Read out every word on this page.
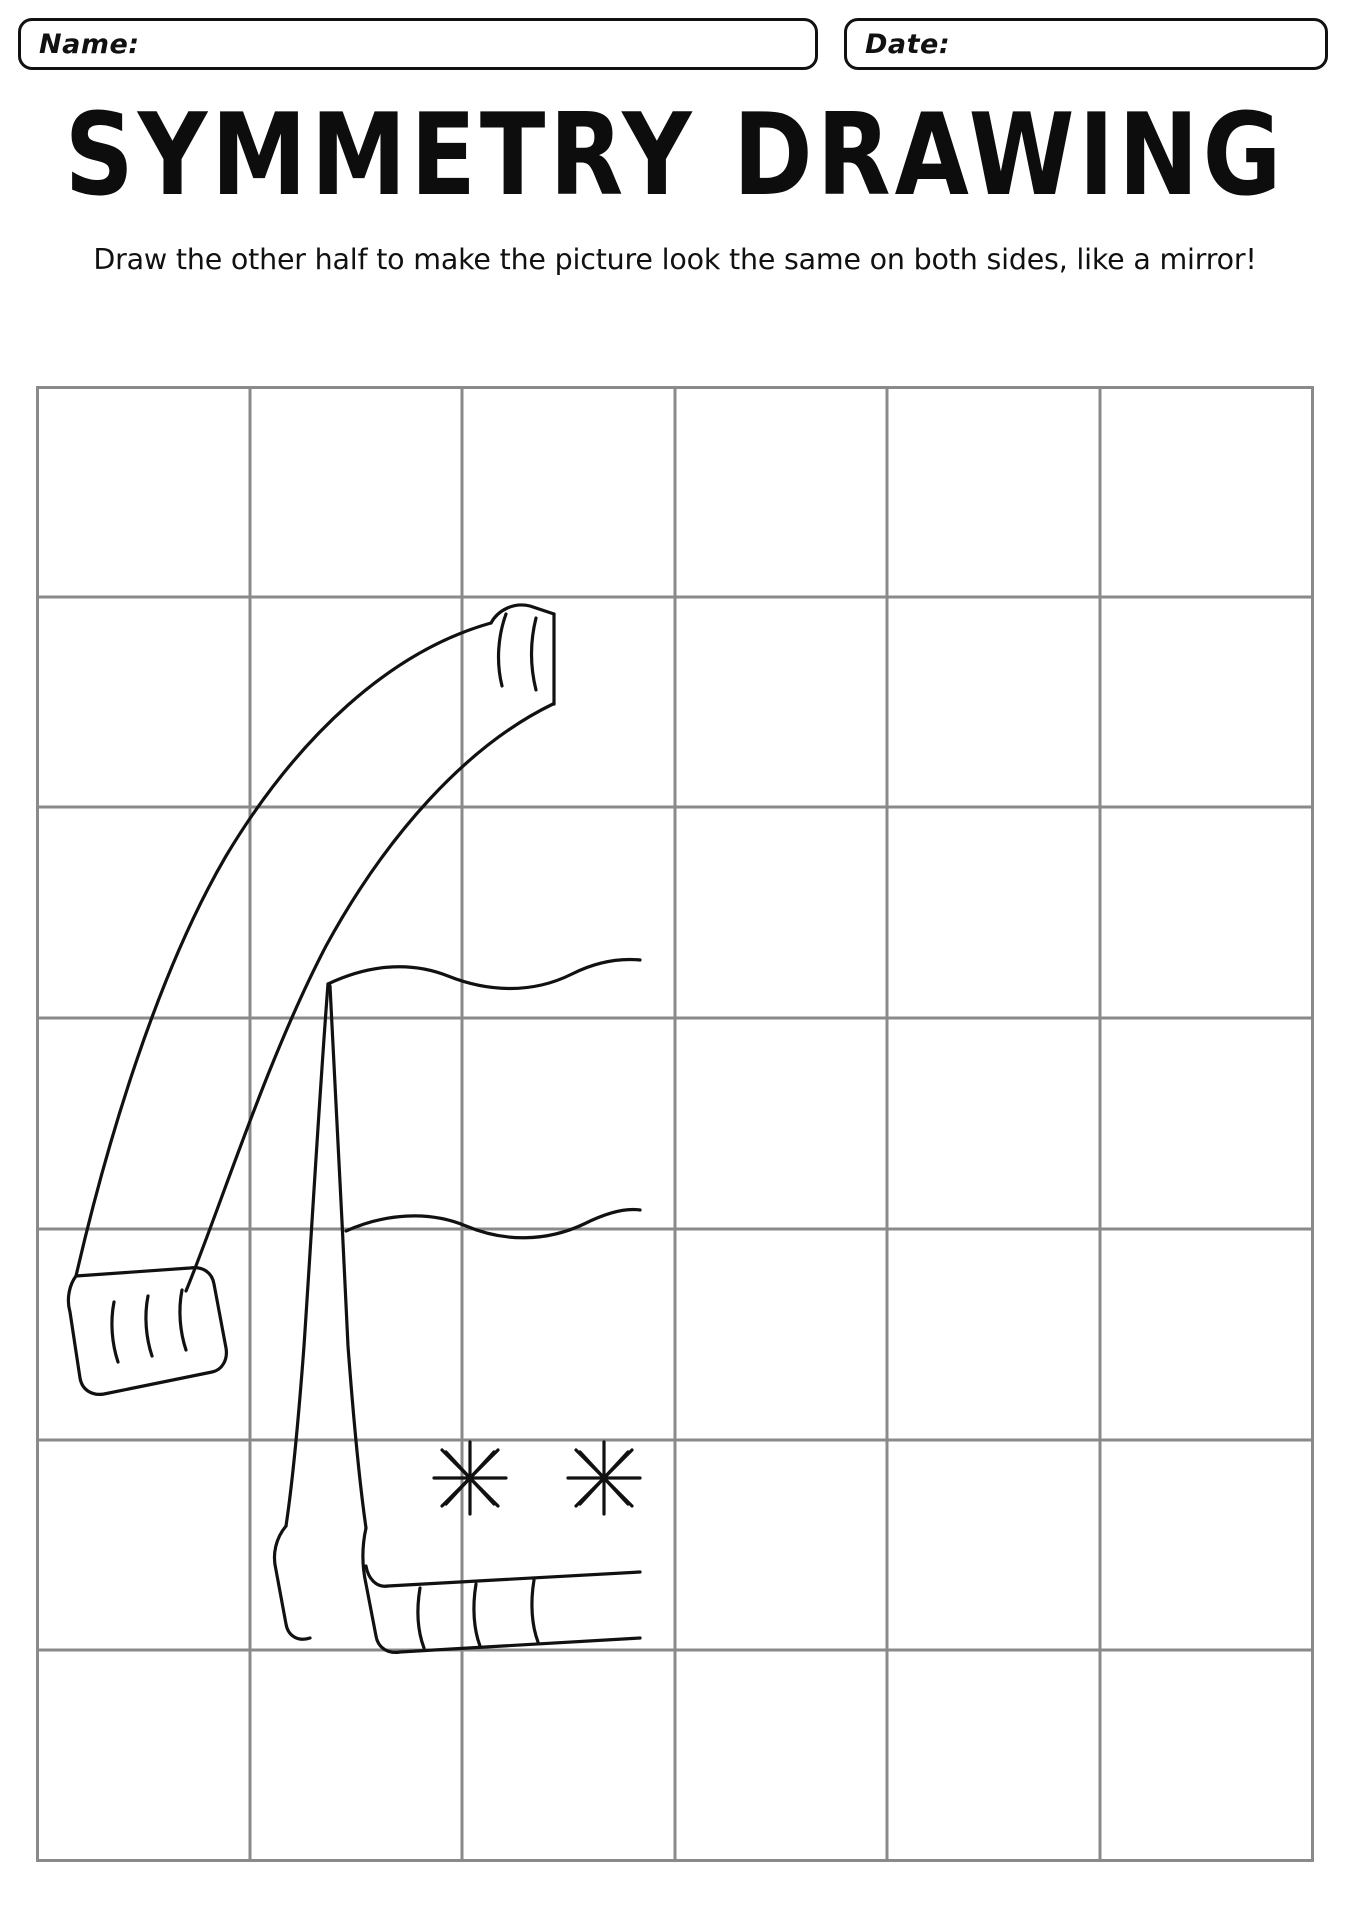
Name:	Date:
SYMMETRY DRAWING

Draw the other half to make the picture look the same on both sides, like a mirror!
